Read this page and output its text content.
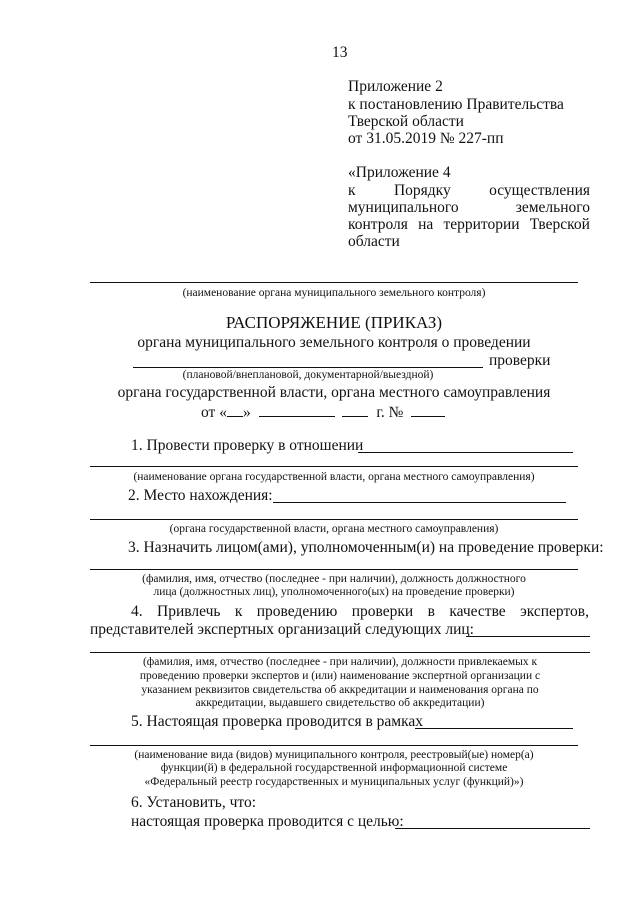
13
Приложение 2
к постановлению Правительства
Тверской области
от 31.05.2019 № 227-пп
«Приложение 4
к Порядку осуществления
муниципального	земельного
контроля на территории Тверской
области
(наименование органа муниципального земельного контроля)
РАСПОРЯЖЕНИЕ (ПРИКАЗ)
органа муниципального земельного контроля о проведении
проверки
(плановой/внеплановой, документарной/выездной)
органа государственной власти, органа местного самоуправления
от « »	г. №
1. Провести проверку в отношении
(наименование органа государственной власти, органа местного самоуправления)
2. Место нахождения:
(органа государственной власти, органа местного самоуправления)
3. Назначить лицом(ами), уполномоченным(и) на проведение проверки:
(фамилия, имя, отчество (последнее - при наличии), должность должностного
лица (должностных лиц), уполномоченного(ых) на проведение проверки)
4. Привлечь к проведению проверки в качестве экспертов,
представителей экспертных организаций следующих лиц:
(фамилия, имя, отчество (последнее - при наличии), должности привлекаемых к
проведению проверки экспертов и (или) наименование экспертной организации с
указанием реквизитов свидетельства об аккредитации и наименования органа по
аккредитации, выдавшего свидетельство об аккредитации)
5. Настоящая проверка проводится в рамках
(наименование вида (видов) муниципального контроля, реестровый(ые) номер(а)
функции(й) в федеральной государственной информационной системе
«Федеральный реестр государственных и муниципальных услуг (функций)»)
6. Установить, что:
настоящая проверка проводится с целью:
